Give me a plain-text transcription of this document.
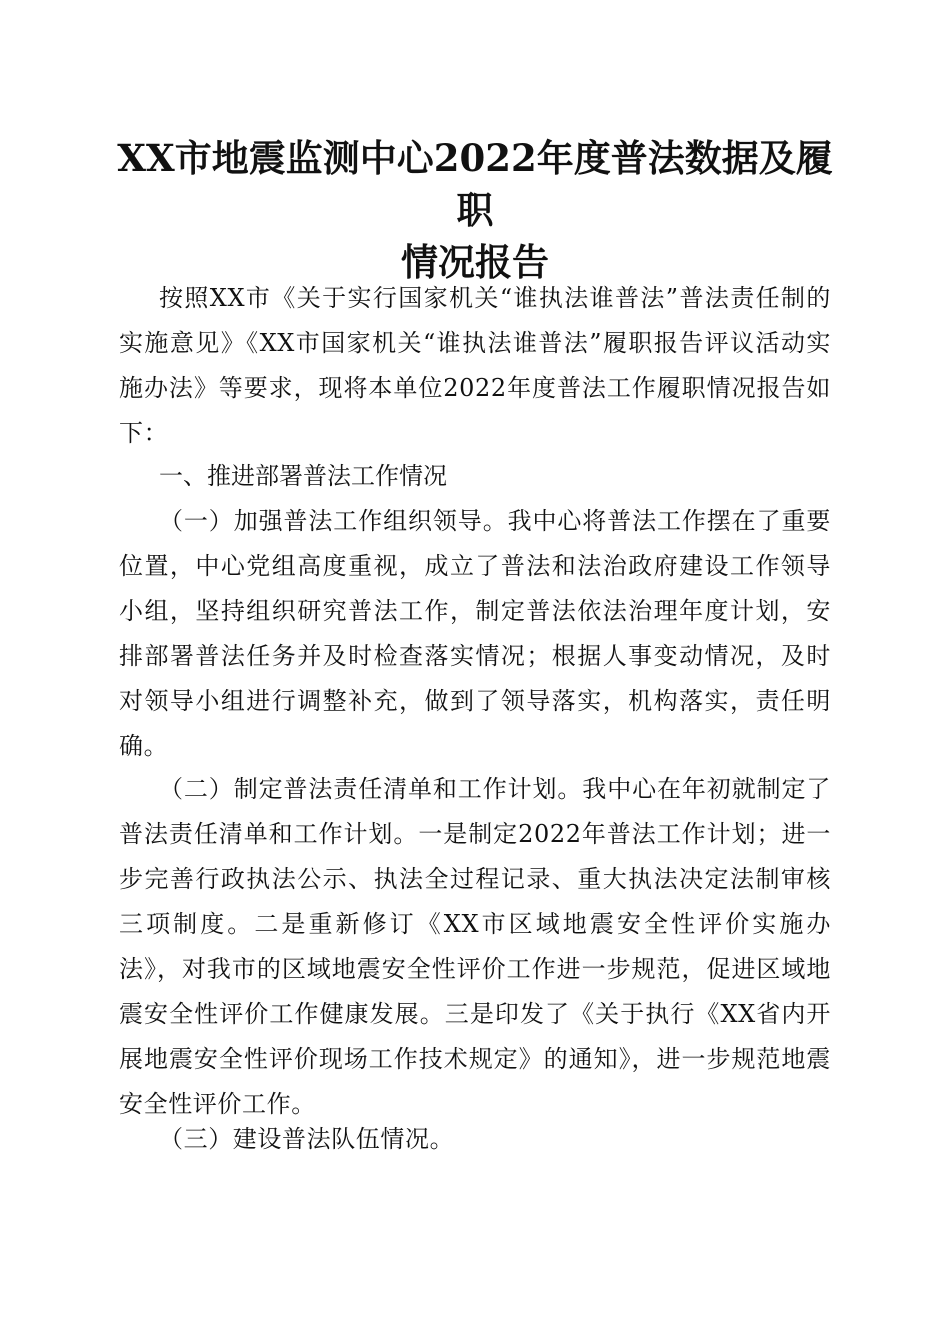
XX市地震监测中心2022年度普法数据及履职
情况报告

按照XX市《关于实行国家机关“谁执法谁普法”普法责任制的实施意见》《XX市国家机关“谁执法谁普法”履职报告评议活动实施办法》等要求，现将本单位2022年度普法工作履职情况报告如下：

一、推进部署普法工作情况

（一）加强普法工作组织领导。我中心将普法工作摆在了重要位置，中心党组高度重视，成立了普法和法治政府建设工作领导小组，坚持组织研究普法工作，制定普法依法治理年度计划，安排部署普法任务并及时检查落实情况；根据人事变动情况，及时对领导小组进行调整补充，做到了领导落实，机构落实，责任明确。

（二）制定普法责任清单和工作计划。我中心在年初就制定了普法责任清单和工作计划。一是制定2022年普法工作计划；进一步完善行政执法公示、执法全过程记录、重大执法决定法制审核三项制度。二是重新修订《XX市区域地震安全性评价实施办法》，对我市的区域地震安全性评价工作进一步规范，促进区域地震安全性评价工作健康发展。三是印发了《关于执行《XX省内开展地震安全性评价现场工作技术规定》的通知》，进一步规范地震安全性评价工作。

（三）建设普法队伍情况。
